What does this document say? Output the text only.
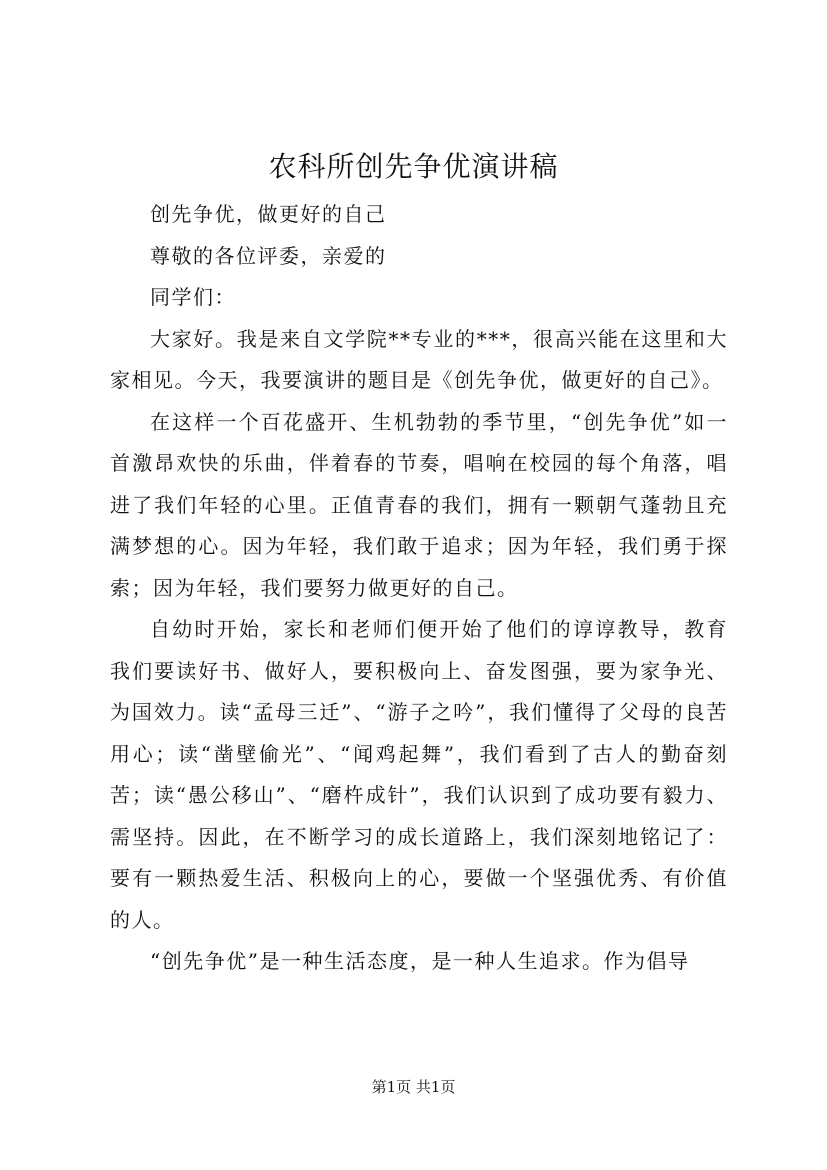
农科所创先争优演讲稿

创先争优，做更好的自己

尊敬的各位评委，亲爱的

同学们：

大家好。我是来自文学院**专业的***，很高兴能在这里和大家相见。今天，我要演讲的题目是《创先争优，做更好的自己》。

在这样一个百花盛开、生机勃勃的季节里，“创先争优”如一首激昂欢快的乐曲，伴着春的节奏，唱响在校园的每个角落，唱进了我们年轻的心里。正值青春的我们，拥有一颗朝气蓬勃且充满梦想的心。因为年轻，我们敢于追求；因为年轻，我们勇于探索；因为年轻，我们要努力做更好的自己。

自幼时开始，家长和老师们便开始了他们的谆谆教导，教育我们要读好书、做好人，要积极向上、奋发图强，要为家争光、为国效力。读“孟母三迁”、“游子之吟”，我们懂得了父母的良苦用心；读“凿壁偷光”、“闻鸡起舞”，我们看到了古人的勤奋刻苦；读“愚公移山”、“磨杵成针”，我们认识到了成功要有毅力、需坚持。因此，在不断学习的成长道路上，我们深刻地铭记了：要有一颗热爱生活、积极向上的心，要做一个坚强优秀、有价值的人。

“创先争优”是一种生活态度，是一种人生追求。作为倡导

第1页 共1页
